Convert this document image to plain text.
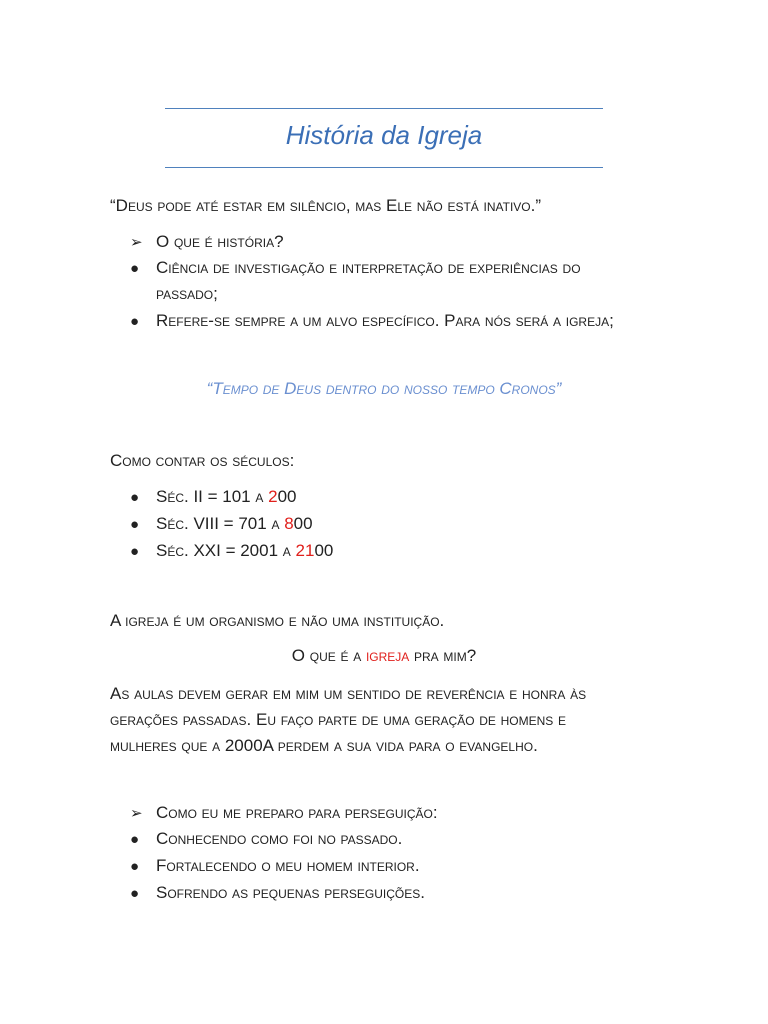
História da Igreja
“Deus pode até estar em silêncio, mas Ele não está inativo.”
➢ O que é história?
● Ciência de investigação e interpretação de experiências do
passado;
● Refere-se sempre a um alvo específico. Para nós será a igreja;
“Tempo de Deus dentro do nosso tempo Cronos”
Como contar os séculos:
● Séc. II = 101 a 200
● Séc. VIII = 701 a 800
● Séc. XXI = 2001 a 2100
A igreja é um organismo e não uma instituição.
O que é a igreja pra mim?
As aulas devem gerar em mim um sentido de reverência e honra às
gerações passadas. Eu faço parte de uma geração de homens e
mulheres que a 2000A perdem a sua vida para o evangelho.
➢ Como eu me preparo para perseguição:
● Conhecendo como foi no passado.
● Fortalecendo o meu homem interior.
● Sofrendo as pequenas perseguições.
